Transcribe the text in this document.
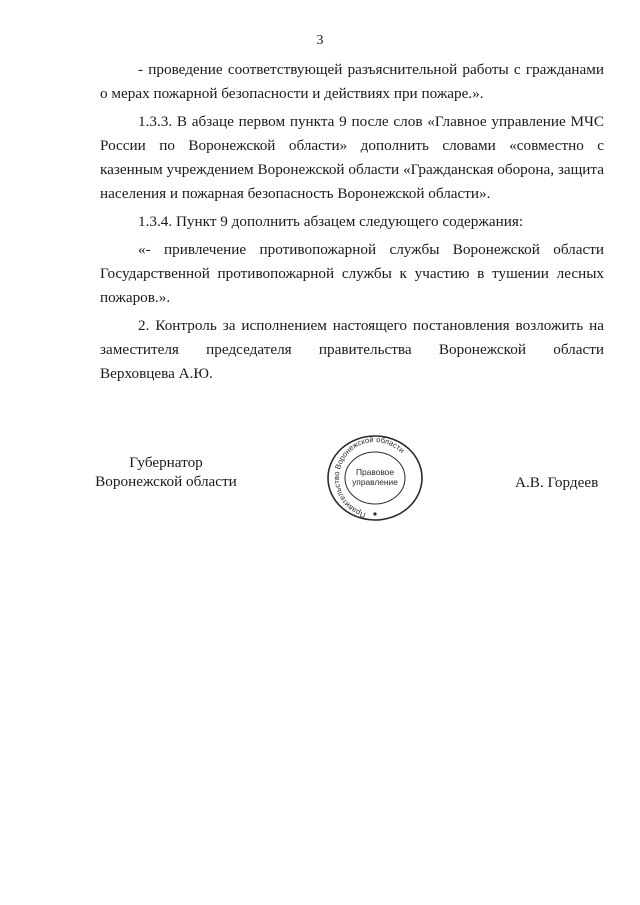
3
- проведение соответствующей разъяснительной работы с гражданами
о мерах пожарной безопасности и действиях при пожаре.».
1.3.3. В абзаце первом пункта 9 после слов «Главное управление МЧС
России по Воронежской области» дополнить словами «совместно с
казенным учреждением Воронежской области «Гражданская оборона, защита
населения и пожарная безопасность Воронежской области».
1.3.4. Пункт 9 дополнить абзацем следующего содержания:
«- привлечение противопожарной службы Воронежской области
Государственной противопожарной службы к участию в тушении лесных
пожаров.».
2. Контроль за исполнением настоящего постановления возложить на
заместителя председателя правительства Воронежской области
Верховцева А.Ю.
Губернатор
Воронежской области
Правительство Воронежской области
Правовое
управление	А.В. Гордеев
